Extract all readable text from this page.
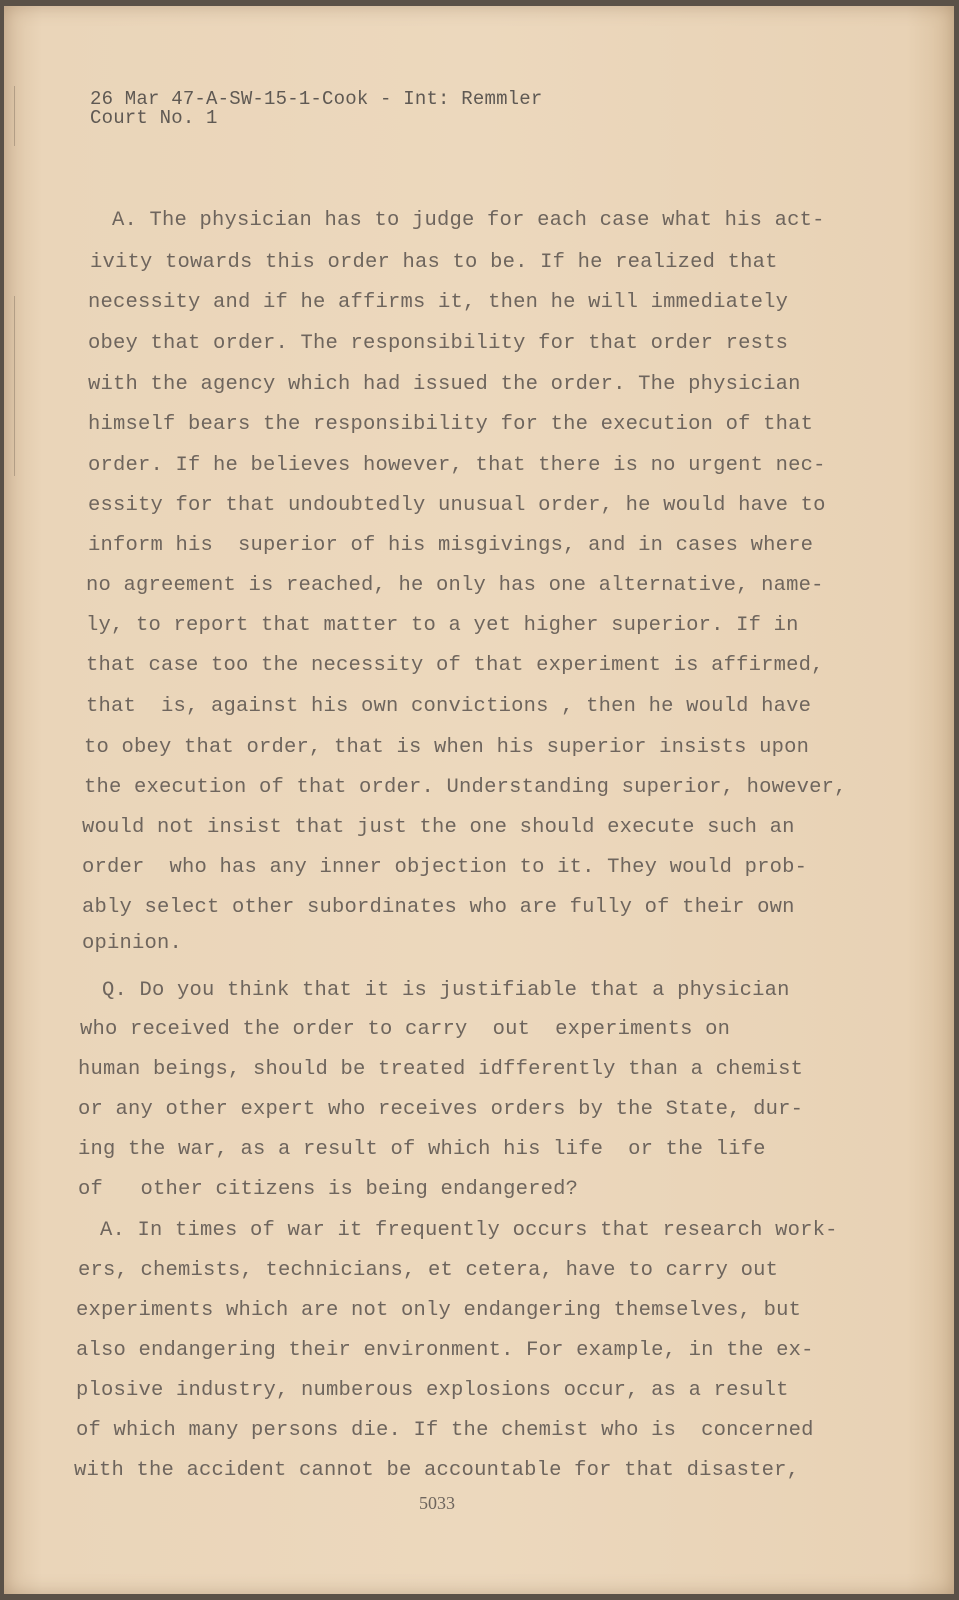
26 Mar 47-A-SW-15-1-Cook - Int: Remmler
Court No. 1
A. The physician has to judge for each case what his act-
ivity towards this order has to be. If he realized that
necessity and if he affirms it, then he will immediately
obey that order. The responsibility for that order rests
with the agency which had issued the order. The physician
himself bears the responsibility for the execution of that
order. If he believes however, that there is no urgent nec-
essity for that undoubtedly unusual order, he would have to
inform his  superior of his misgivings, and in cases where
no agreement is reached, he only has one alternative, name-
ly, to report that matter to a yet higher superior. If in
that case too the necessity of that experiment is affirmed,
that  is, against his own convictions , then he would have
to obey that order, that is when his superior insists upon
the execution of that order. Understanding superior, however,
would not insist that just the one should execute such an
order  who has any inner objection to it. They would prob-
ably select other subordinates who are fully of their own
opinion.
Q. Do you think that it is justifiable that a physician
who received the order to carry  out  experiments on
human beings, should be treated idfferently than a chemist
or any other expert who receives orders by the State, dur-
ing the war, as a result of which his life  or the life
of   other citizens is being endangered?
A. In times of war it frequently occurs that research work-
ers, chemists, technicians, et cetera, have to carry out
experiments which are not only endangering themselves, but
also endangering their environment. For example, in the ex-
plosive industry, numberous explosions occur, as a result
of which many persons die. If the chemist who is  concerned
with the accident cannot be accountable for that disaster,
5033
